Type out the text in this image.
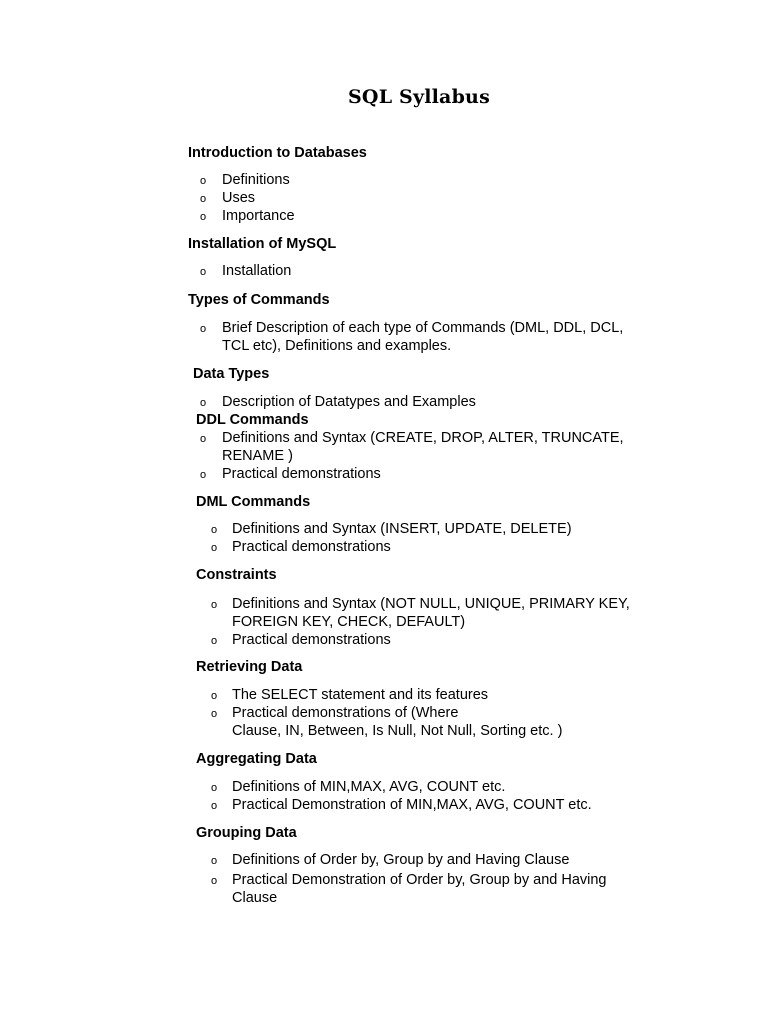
SQL Syllabus
Introduction to Databases
o Definitions
o Uses
o Importance
Installation of MySQL
o Installation
Types of Commands
o Brief Description of each type of Commands (DML, DDL, DCL,
TCL etc), Definitions and examples.
Data Types
o Description of Datatypes and Examples
DDL Commands
o Definitions and Syntax (CREATE, DROP, ALTER, TRUNCATE,
RENAME )
o Practical demonstrations
DML Commands
o Definitions and Syntax (INSERT, UPDATE, DELETE)
o Practical demonstrations
Constraints
o Definitions and Syntax (NOT NULL, UNIQUE, PRIMARY KEY,
FOREIGN KEY, CHECK, DEFAULT)
o Practical demonstrations
Retrieving Data
o The SELECT statement and its features
o Practical demonstrations of (Where
Clause, IN, Between, Is Null, Not Null, Sorting etc. )
Aggregating Data
o Definitions of MIN,MAX, AVG, COUNT etc.
o Practical Demonstration of MIN,MAX, AVG, COUNT etc.
Grouping Data
o Definitions of Order by, Group by and Having Clause
o Practical Demonstration of Order by, Group by and Having
Clause
